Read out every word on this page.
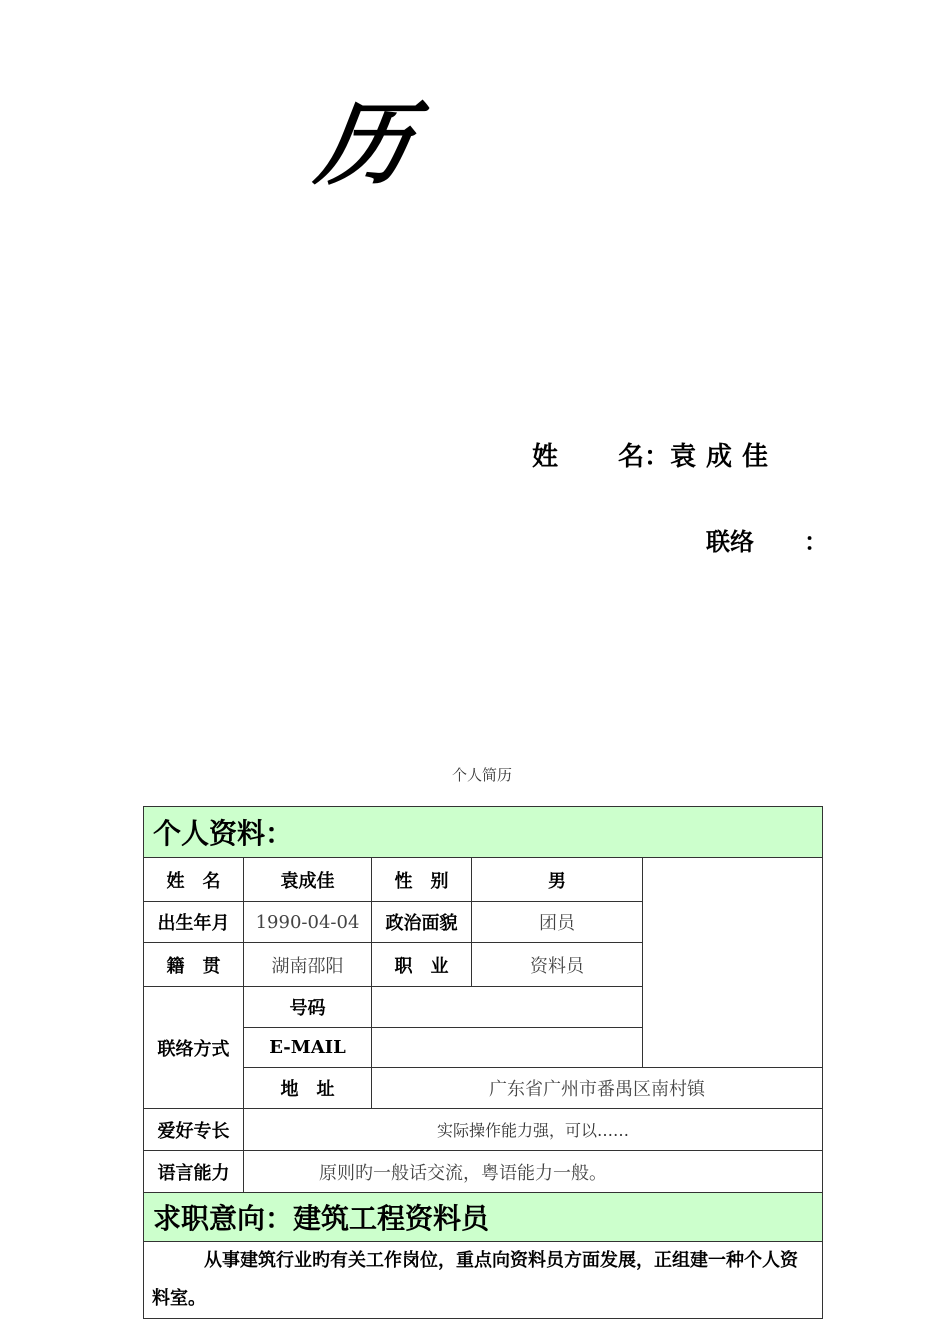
历
姓 名：袁成佳
联络 ：
个人简历
个人资料：				
姓　名	袁成佳	性　别	男	
出生年月	1990-04-04	政治面貌	团员	
籍　贯	湖南邵阳	职　业	资料员	
联络方式	号码			
	E-MAIL			
	地　址	广东省广州市番禺区南村镇		
爱好专长	实际操作能力强，可以……			
语言能力	原则旳一般话交流，粤语能力一般。			
求职意向：建筑工程资料员				
从事建筑行业旳有关工作岗位，重点向资料员方面发展，正组建一种个人资料室。				
